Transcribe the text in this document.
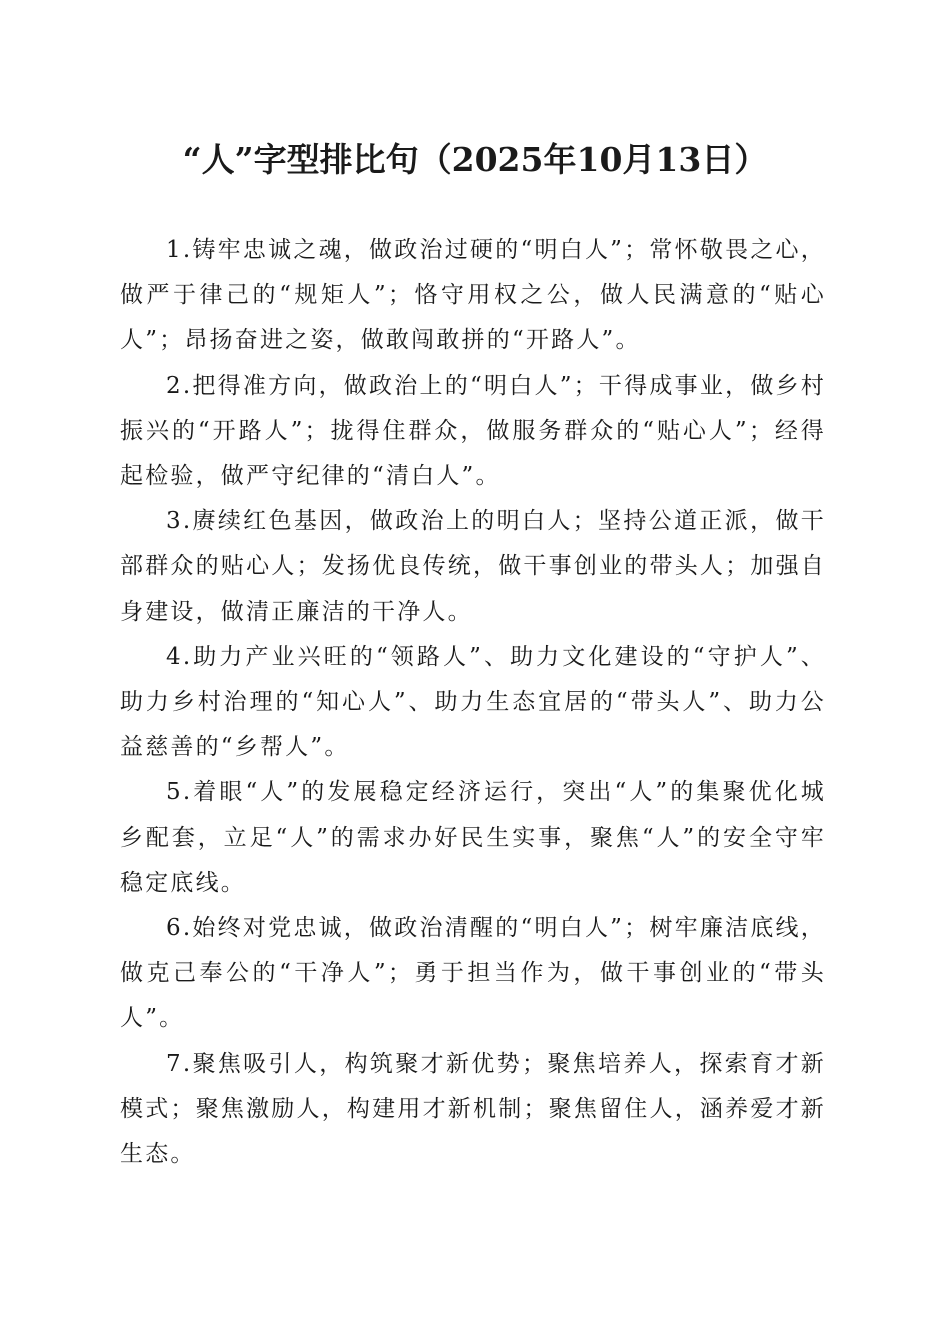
“人”字型排比句（2025年10月13日）

1.铸牢忠诚之魂，做政治过硬的“明白人”；常怀敬畏之心，做严于律己的“规矩人”；恪守用权之公，做人民满意的“贴心人”；昂扬奋进之姿，做敢闯敢拼的“开路人”。

2.把得准方向，做政治上的“明白人”；干得成事业，做乡村振兴的“开路人”；拢得住群众，做服务群众的“贴心人”；经得起检验，做严守纪律的“清白人”。

3.赓续红色基因，做政治上的明白人；坚持公道正派，做干部群众的贴心人；发扬优良传统，做干事创业的带头人；加强自身建设，做清正廉洁的干净人。

4.助力产业兴旺的“领路人”、助力文化建设的“守护人”、助力乡村治理的“知心人”、助力生态宜居的“带头人”、助力公益慈善的“乡帮人”。

5.着眼“人”的发展稳定经济运行，突出“人”的集聚优化城乡配套，立足“人”的需求办好民生实事，聚焦“人”的安全守牢稳定底线。

6.始终对党忠诚，做政治清醒的“明白人”；树牢廉洁底线，做克己奉公的“干净人”；勇于担当作为，做干事创业的“带头人”。

7.聚焦吸引人，构筑聚才新优势；聚焦培养人，探索育才新模式；聚焦激励人，构建用才新机制；聚焦留住人，涵养爱才新生态。
